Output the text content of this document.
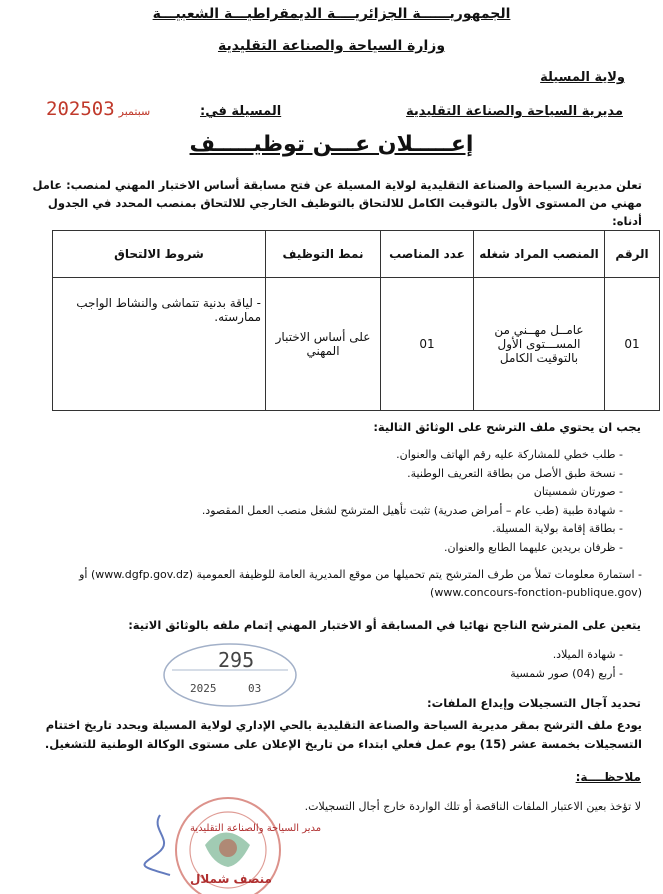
الجمهوريــــــة الجزائريــــة الديمقراطيـــة الشعبيـــة
وزارة السياحة والصناعة التقليدية
ولاية المسيلة
مديرية السياحة والصناعة التقليدية
المسيلة في:
2025 سبتمبر03
إعـــــلان عـــن توظيـــــف
تعلن مديرية السياحة والصناعة التقليدية لولاية المسيلة عن فتح مسابقة أساس الاختبار المهني لمنصب: عامل مهني من المستوى الأول بالتوقيت الكامل للالتحاق بالتوظيف الخارجي للالتحاق بمنصب المحدد في الجدول أدناه:
الرقم	المنصب المراد شغله	عدد المناصب	نمط التوظيف	شروط الالتحاق
01	عامــل مهــني من المســـتوى الأول بالتوقيت الكامل	01	على أساس الاختبار المهني	- لياقة بدنية تتماشى والنشاط الواجب ممارسته.
يجب ان يحتوي ملف الترشح على الوثائق التالية:
- طلب خطي للمشاركة عليه رقم الهاتف والعنوان.
- نسخة طبق الأصل من بطاقة التعريف الوطنية.
- صورتان شمسيتان
- شهادة طبية (طب عام – أمراض صدرية) تثبت تأهيل المترشح لشغل منصب العمل المقصود.
- بطاقة إقامة بولاية المسيلة.
- ظرفان بريدين عليهما الطابع والعنوان.
- استمارة معلومات تملأ من طرف المترشح يتم تحميلها من موقع المديرية العامة للوظيفة العمومية (www.dgfp.gov.dz) أو (www.concours-fonction-publique.gov)
يتعين على المترشح الناجح نهائيا في المسابقة أو الاختبار المهني إتمام ملفه بالوثائق الاتية:
- شهادة الميلاد.
- أربع (04) صور شمسية
295
2025	03
تحديد آجال التسجيلات وإيداع الملفات:
يودع ملف الترشح بمقر مديرية السياحة والصناعة التقليدية بالحي الإداري لولاية المسيلة ويحدد تاريخ اختتام التسجيلات بخمسة عشر (15) يوم عمل فعلي ابتداء من تاريخ الإعلان على مستوى الوكالة الوطنية للتشغيل.
ملاحظــــة:
لا تؤخذ بعين الاعتبار الملفات الناقصة أو تلك الواردة خارج أجال التسجيلات.
مدير السياحة والصناعة التقليدية
منصف شملال
